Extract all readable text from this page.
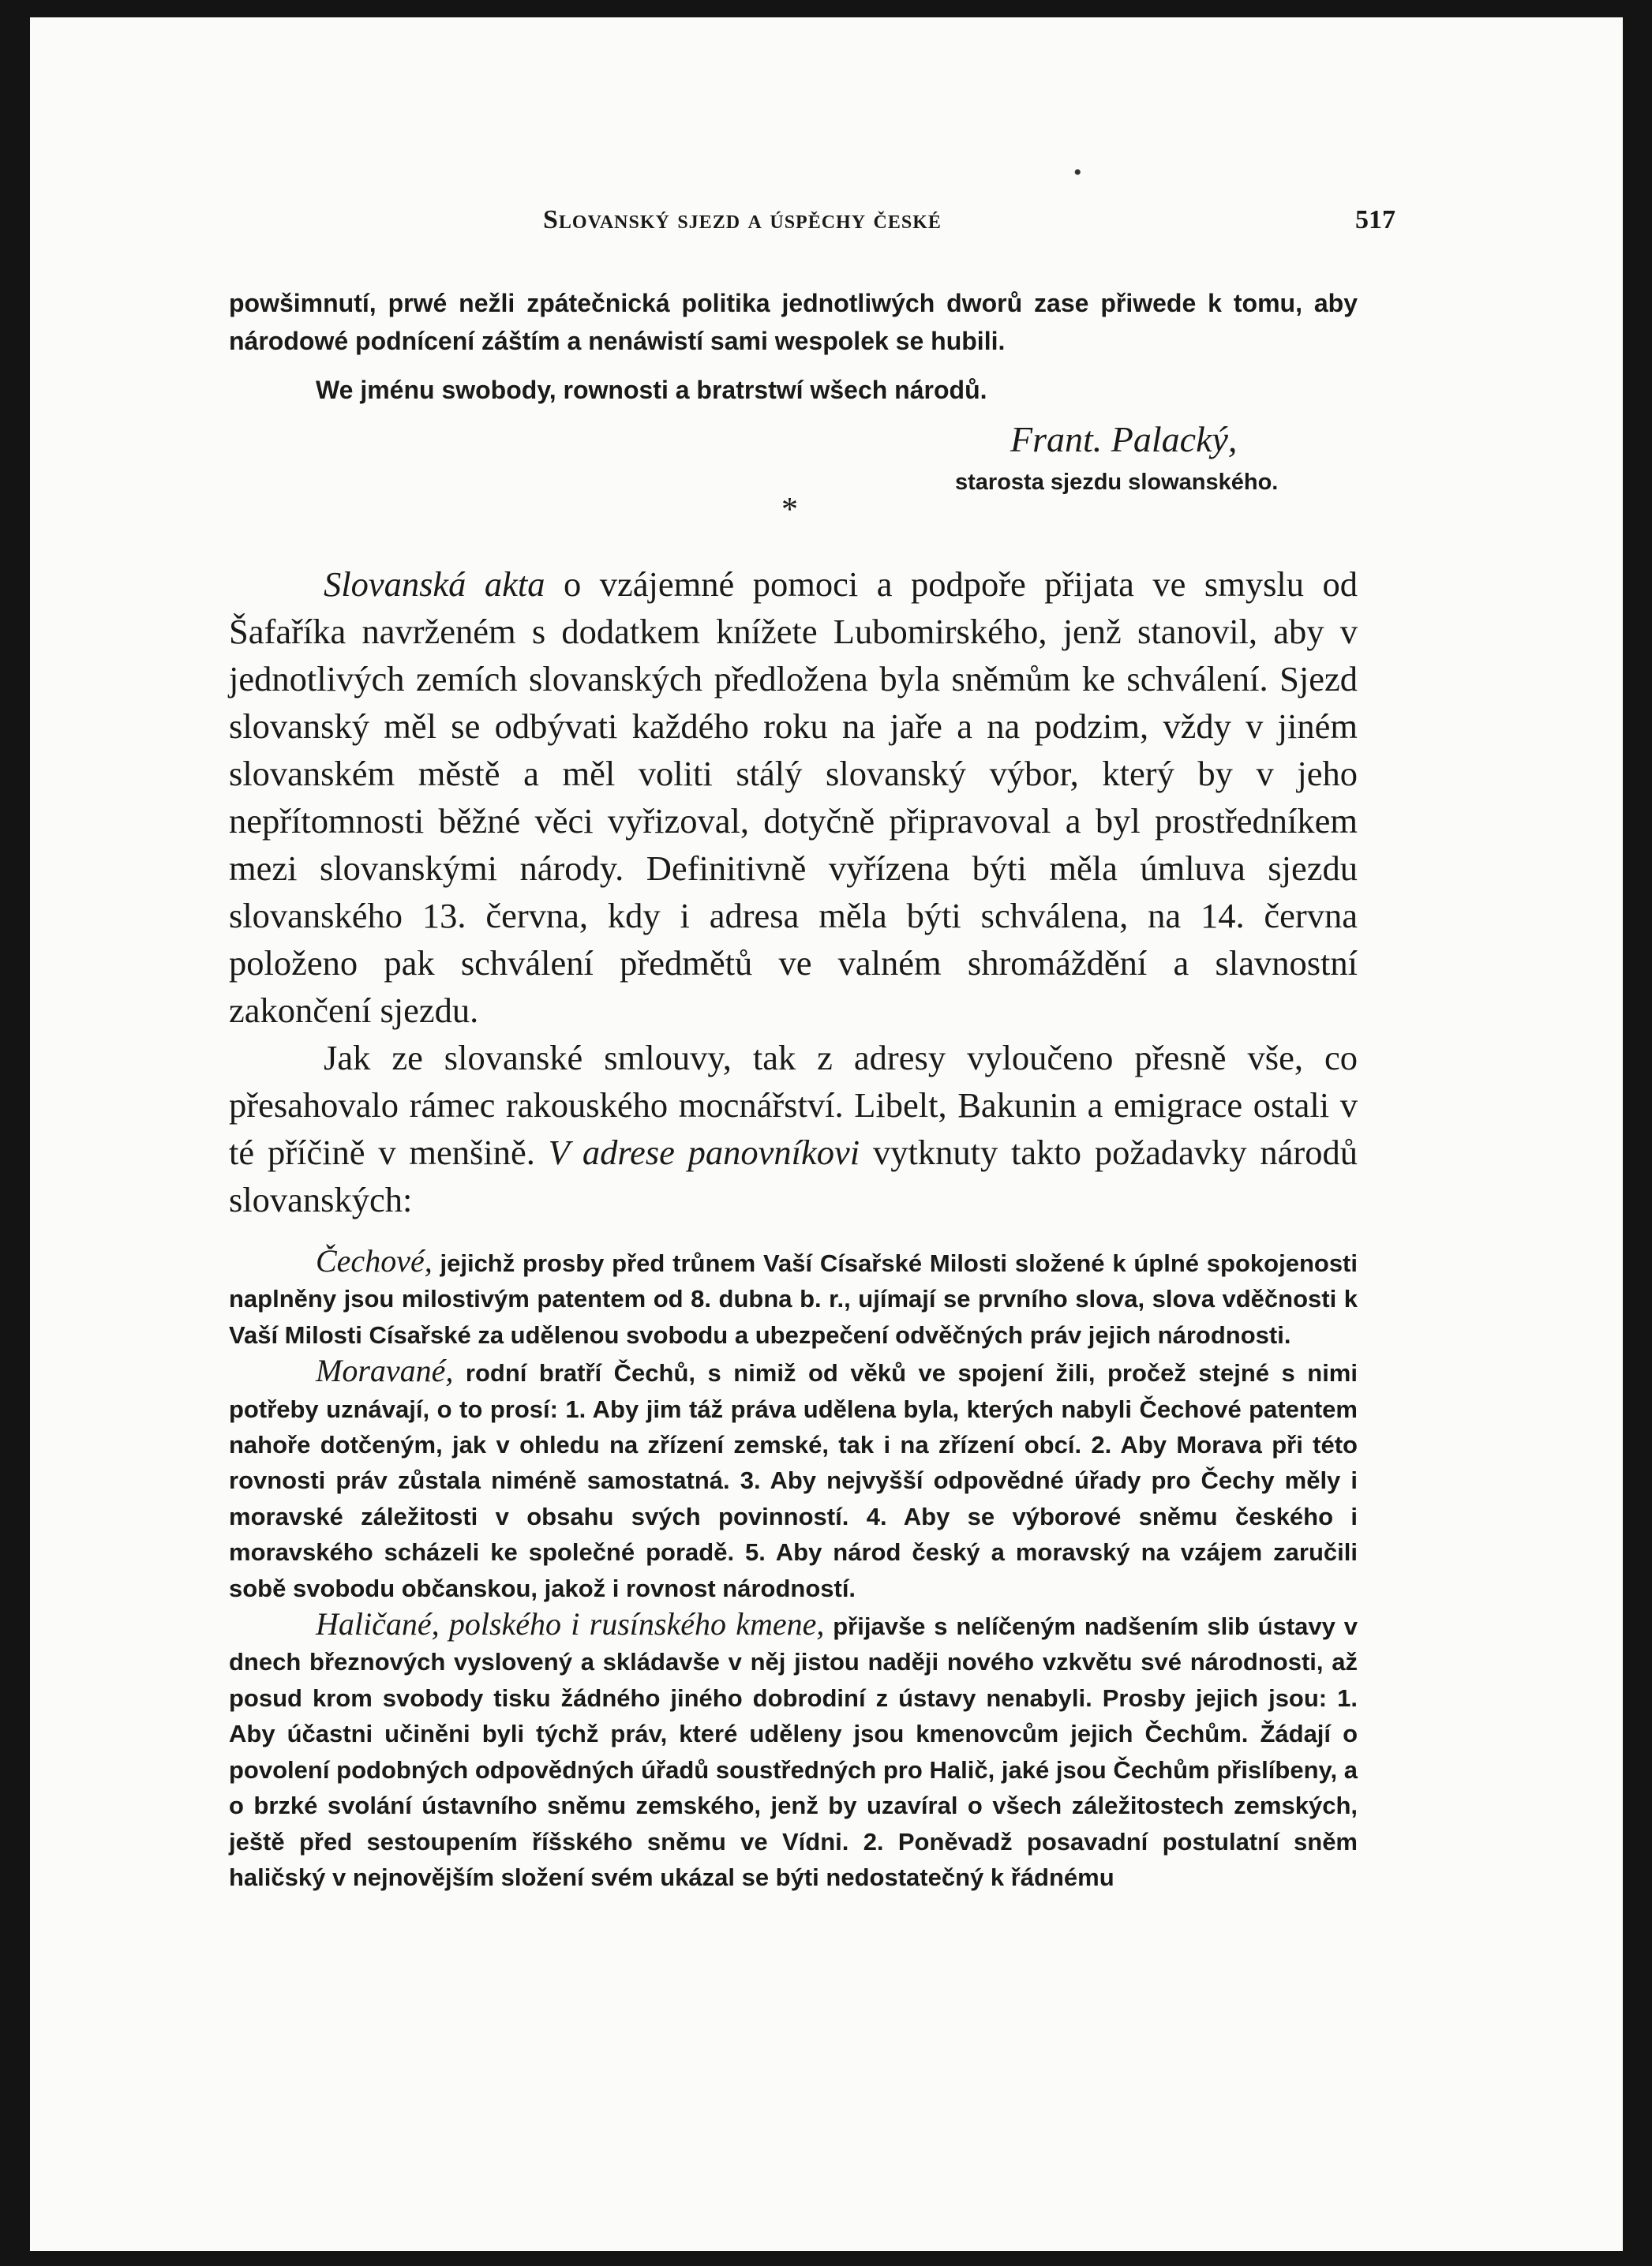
•
Slovanský sjezd a úspěchy české	517
powšimnutí, prwé nežli zpátečnická politika jednotliwých dworů zase přiwede k tomu, aby národowé podnícení záštím a nenáwistí sami wespolek se hubili.
We jménu swobody, rownosti a bratrstwí wšech národů.
Frant. Palacký,
starosta sjezdu slowanského.
*

Slovanská akta o vzájemné pomoci a podpoře přijata ve smyslu od Šafaříka navrženém s dodatkem knížete Lubomirského, jenž stanovil, aby v jednotlivých zemích slovanských předložena byla sněmům ke schválení. Sjezd slovanský měl se odbývati každého roku na jaře a na podzim, vždy v jiném slovanském městě a měl voliti stálý slovanský výbor, který by v jeho nepřítomnosti běžné věci vyřizoval, dotyčně připravoval a byl prostředníkem mezi slovanskými národy. Definitivně vyřízena býti měla úmluva sjezdu slovanského 13. června, kdy i adresa měla býti schválena, na 14. června položeno pak schválení předmětů ve valném shromáždění a slavnostní zakončení sjezdu.

Jak ze slovanské smlouvy, tak z adresy vyloučeno přesně vše, co přesahovalo rámec rakouského mocnářství. Libelt, Bakunin a emigrace ostali v té příčině v menšině. V adrese panovníkovi vytknuty takto požadavky národů slovanských:

Čechové, jejichž prosby před trůnem Vaší Císařské Milosti složené k úplné spokojenosti naplněny jsou milostivým patentem od 8. dubna b. r., ujímají se prvního slova, slova vděčnosti k Vaší Milosti Císařské za udělenou svobodu a ubezpečení odvěčných práv jejich národnosti.

Moravané, rodní bratří Čechů, s nimiž od věků ve spojení žili, pročež stejné s nimi potřeby uznávají, o to prosí: 1. Aby jim táž práva udělena byla, kterých nabyli Čechové patentem nahoře dotčeným, jak v ohledu na zřízení zemské, tak i na zřízení obcí. 2. Aby Morava při této rovnosti práv zůstala niméně samostatná. 3. Aby nejvyšší odpovědné úřady pro Čechy měly i moravské záležitosti v obsahu svých povinností. 4. Aby se výborové sněmu českého i moravského scházeli ke společné poradě. 5. Aby národ český a moravský na vzájem zaručili sobě svobodu občanskou, jakož i rovnost národností.

Haličané, polského i rusínského kmene, přijavše s nelíčeným nadšením slib ústavy v dnech březnových vyslovený a skládavše v něj jistou naději nového vzkvětu své národnosti, až posud krom svobody tisku žádného jiného dobrodiní z ústavy nenabyli. Prosby jejich jsou: 1. Aby účastni učiněni byli týchž práv, které uděleny jsou kmenovcům jejich Čechům. Žádají o povolení podobných odpovědných úřadů soustředných pro Halič, jaké jsou Čechům přislíbeny, a o brzké svolání ústavního sněmu zemského, jenž by uzavíral o všech záležitostech zemských, ještě před sestoupením říšského sněmu ve Vídni. 2. Poněvadž posavadní postulatní sněm haličský v nejnovějším složení svém ukázal se býti nedostatečný k řádnému
